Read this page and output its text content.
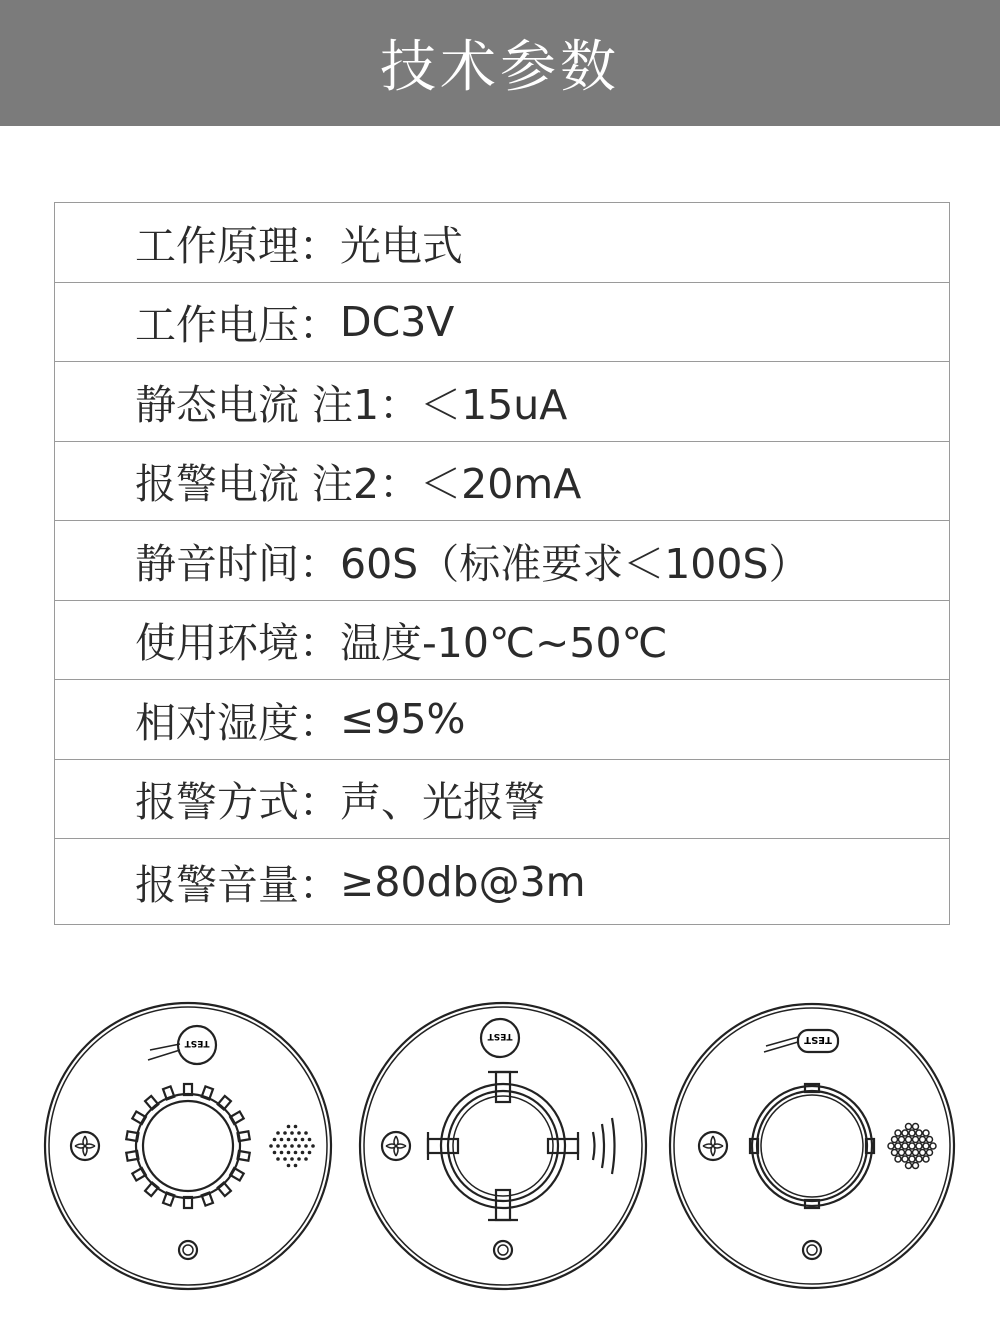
技术参数
工作原理： 光电式
工作电压： DC3V
静态电流 注1： ＜15uA
报警电流 注2： ＜20mA
静音时间： 60S（标准要求＜100S）
使用环境： 温度-10℃~50℃
相对湿度： ≤95%
报警方式： 声、光报警
报警音量： ≥80db@3m
TEST
TEST	TEST
